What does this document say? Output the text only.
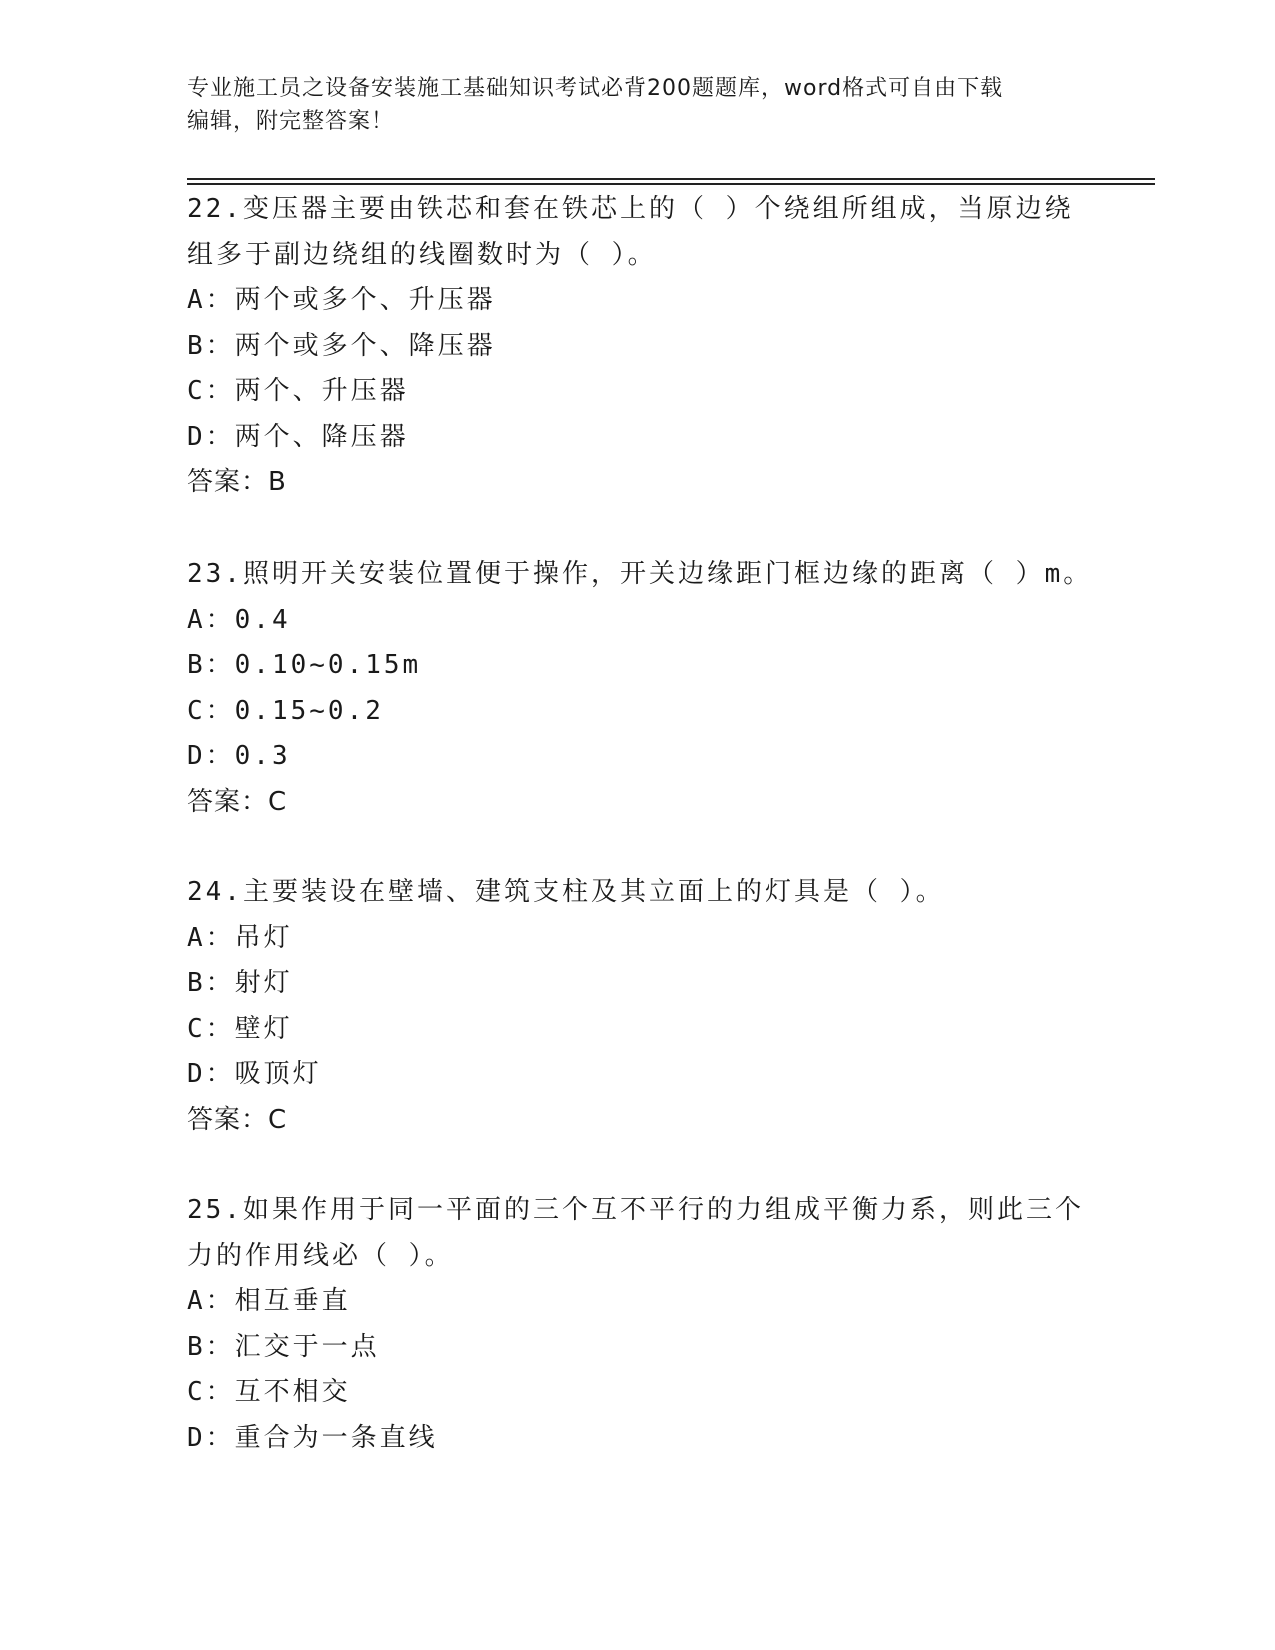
专业施工员之设备安装施工基础知识考试必背200题题库，word格式可自由下载
编辑，附完整答案！
22.变压器主要由铁芯和套在铁芯上的（ ）个绕组所组成，当原边绕
组多于副边绕组的线圈数时为（ ）。
A：两个或多个、升压器
B：两个或多个、降压器
C：两个、升压器
D：两个、降压器
答案：B
23.照明开关安装位置便于操作，开关边缘距门框边缘的距离（ ）m。
A：0.4
B：0.10~0.15m
C：0.15~0.2
D：0.3
答案：C
24.主要装设在壁墙、建筑支柱及其立面上的灯具是（ ）。
A：吊灯
B：射灯
C：壁灯
D：吸顶灯
答案：C
25.如果作用于同一平面的三个互不平行的力组成平衡力系，则此三个
力的作用线必（ ）。
A：相互垂直
B：汇交于一点
C：互不相交
D：重合为一条直线
